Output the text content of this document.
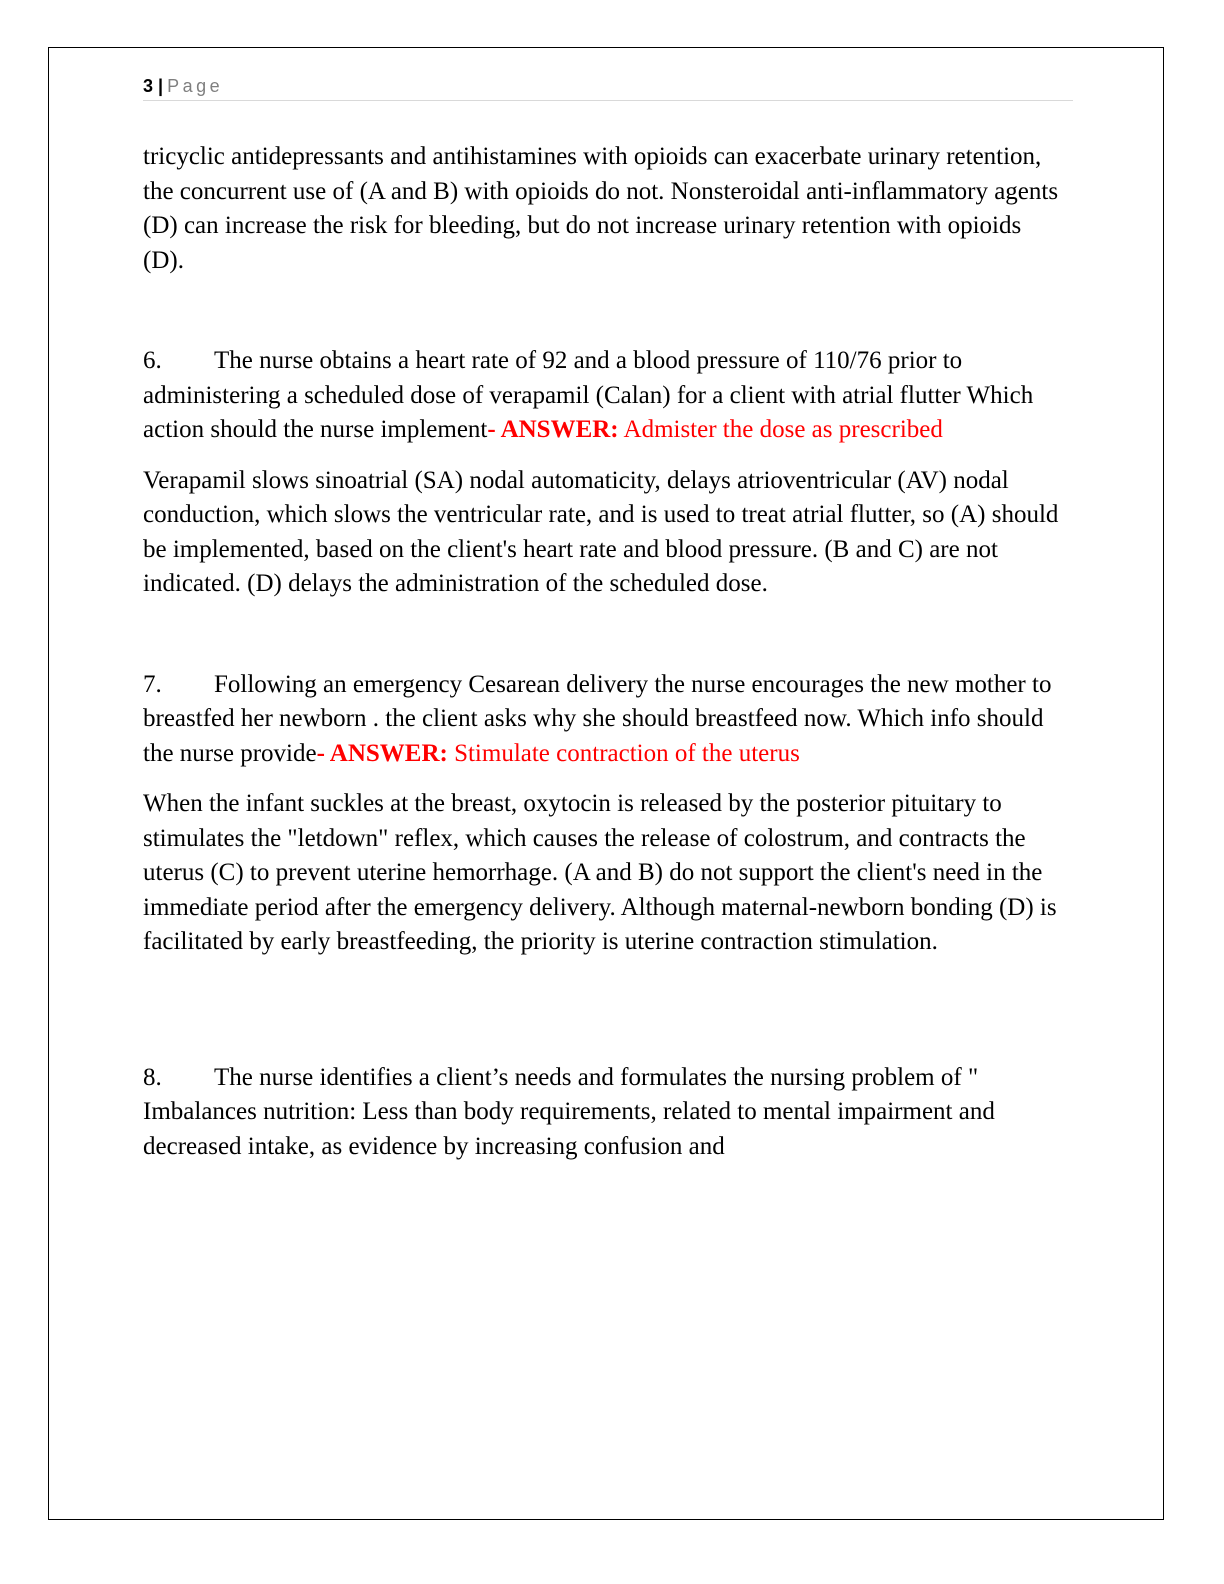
3 | Page

tricyclic antidepressants and antihistamines with opioids can exacerbate urinary retention, the concurrent use of (A and B) with opioids do not. Nonsteroidal anti-inflammatory agents (D) can increase the risk for bleeding, but do not increase urinary retention with opioids (D).

6. The nurse obtains a heart rate of 92 and a blood pressure of 110/76 prior to administering a scheduled dose of verapamil (Calan) for a client with atrial flutter Which action should the nurse implement- ANSWER: Admister the dose as prescribed

Verapamil slows sinoatrial (SA) nodal automaticity, delays atrioventricular (AV) nodal conduction, which slows the ventricular rate, and is used to treat atrial flutter, so (A) should be implemented, based on the client's heart rate and blood pressure. (B and C) are not indicated. (D) delays the administration of the scheduled dose.

7. Following an emergency Cesarean delivery the nurse encourages the new mother to breastfed her newborn . the client asks why she should breastfeed now. Which info should the nurse provide- ANSWER: Stimulate contraction of the uterus

When the infant suckles at the breast, oxytocin is released by the posterior pituitary to stimulates the "letdown" reflex, which causes the release of colostrum, and contracts the uterus (C) to prevent uterine hemorrhage. (A and B) do not support the client's need in the immediate period after the emergency delivery. Although maternal-newborn bonding (D) is facilitated by early breastfeeding, the priority is uterine contraction stimulation.

8. The nurse identifies a client’s needs and formulates the nursing problem of " Imbalances nutrition: Less than body requirements, related to mental impairment and decreased intake, as evidence by increasing confusion and
